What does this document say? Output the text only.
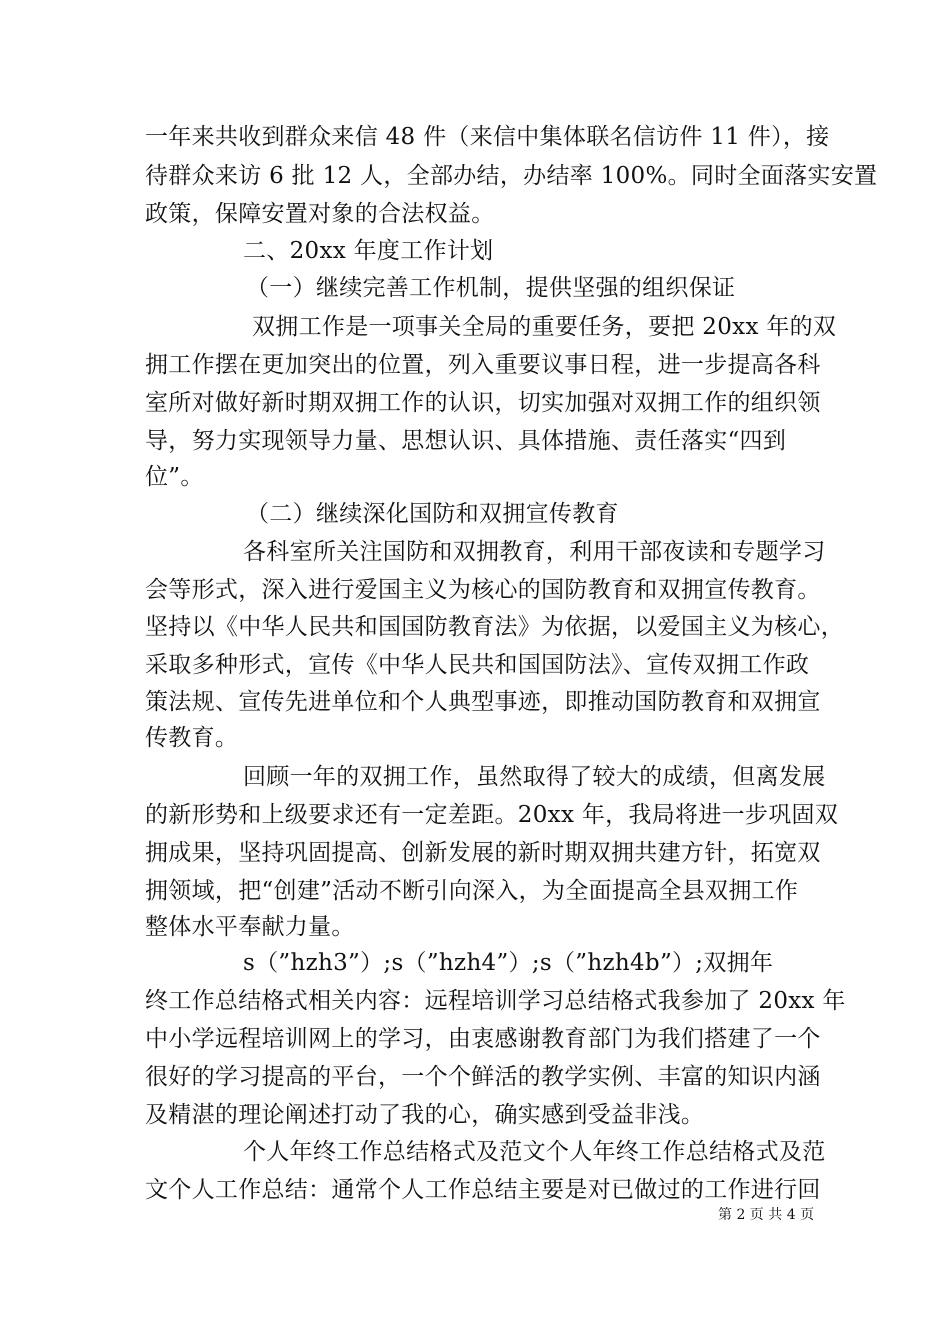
一年来共收到群众来信 48 件（来信中集体联名信访件 11 件），接
待群众来访 6 批 12 人，全部办结，办结率 100%。同时全面落实安置
政策，保障安置对象的合法权益。
二、20xx 年度工作计划
（一）继续完善工作机制，提供坚强的组织保证
双拥工作是一项事关全局的重要任务，要把 20xx 年的双
拥工作摆在更加突出的位置，列入重要议事日程，进一步提高各科
室所对做好新时期双拥工作的认识，切实加强对双拥工作的组织领
导，努力实现领导力量、思想认识、具体措施、责任落实“四到
位”。
（二）继续深化国防和双拥宣传教育
各科室所关注国防和双拥教育，利用干部夜读和专题学习
会等形式，深入进行爱国主义为核心的国防教育和双拥宣传教育。
坚持以《中华人民共和国国防教育法》为依据，以爱国主义为核心，
采取多种形式，宣传《中华人民共和国国防法》、宣传双拥工作政
策法规、宣传先进单位和个人典型事迹，即推动国防教育和双拥宣
传教育。
回顾一年的双拥工作，虽然取得了较大的成绩，但离发展
的新形势和上级要求还有一定差距。20xx 年，我局将进一步巩固双
拥成果，坚持巩固提高、创新发展的新时期双拥共建方针，拓宽双
拥领域，把“创建”活动不断引向深入，为全面提高全县双拥工作
整体水平奉献力量。
s（”hzh3”）;s（”hzh4”）;s（”hzh4b”）;双拥年
终工作总结格式相关内容：远程培训学习总结格式我参加了 20xx 年
中小学远程培训网上的学习，由衷感谢教育部门为我们搭建了一个
很好的学习提高的平台，一个个鲜活的教学实例、丰富的知识内涵
及精湛的理论阐述打动了我的心，确实感到受益非浅。
个人年终工作总结格式及范文个人年终工作总结格式及范
文个人工作总结：通常个人工作总结主要是对已做过的工作进行回
第 2 页 共 4 页
